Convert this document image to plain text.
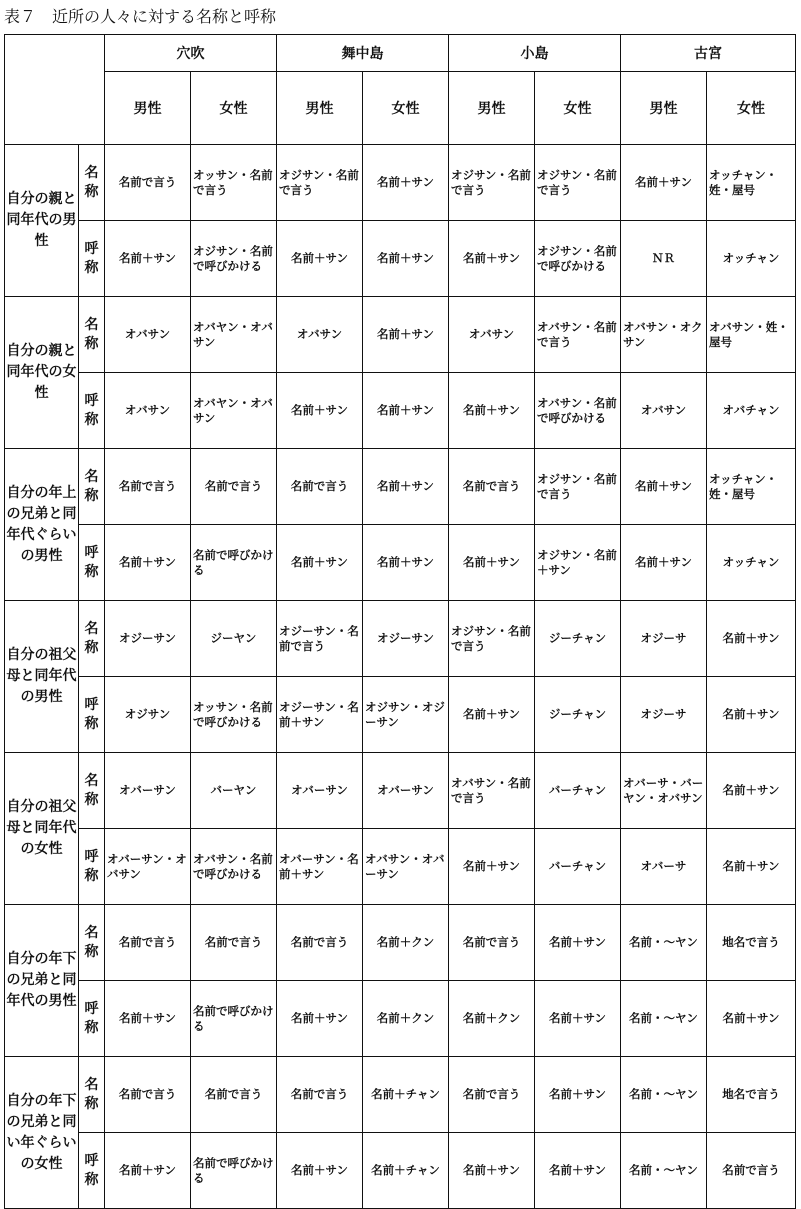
表７　近所の人々に対する名称と呼称
		穴吹		舞中島		小島		古宮	
		男性	女性	男性	女性	男性	女性	男性	女性
自分の親と同年代の男性	名称	名前で言う	オッサン・名前で言う	オジサン・名前で言う	名前＋サン	オジサン・名前で言う	オジサン・名前で言う	名前＋サン	オッチャン・姓・屋号
	呼称	名前＋サン	オジサン・名前で呼びかける	名前＋サン	名前＋サン	名前＋サン	オジサン・名前で呼びかける	ＮＲ	オッチャン
自分の親と同年代の女性	名称	オバサン	オバヤン・オバサン	オバサン	名前＋サン	オバサン	オバサン・名前で言う	オバサン・オクサン	オバサン・姓・屋号
	呼称	オバサン	オバヤン・オバサン	名前＋サン	名前＋サン	名前＋サン	オバサン・名前で呼びかける	オバサン	オバチャン
自分の年上の兄弟と同年代ぐらいの男性	名称	名前で言う	名前で言う	名前で言う	名前＋サン	名前で言う	オジサン・名前で言う	名前＋サン	オッチャン・姓・屋号
	呼称	名前＋サン	名前で呼びかける	名前＋サン	名前＋サン	名前＋サン	オジサン・名前＋サン	名前＋サン	オッチャン
自分の祖父母と同年代の男性	名称	オジーサン	ジーヤン	オジーサン・名前で言う	オジーサン	オジサン・名前で言う	ジーチャン	オジーサ	名前＋サン
	呼称	オジサン	オッサン・名前で呼びかける	オジーサン・名前＋サン	オジサン・オジーサン	名前＋サン	ジーチャン	オジーサ	名前＋サン
自分の祖父母と同年代の女性	名称	オバーサン	バーヤン	オバーサン	オバーサン	オバサン・名前で言う	バーチャン	オバーサ・バーヤン・オバサン	名前＋サン
	呼称	オバーサン・オバサン	オバサン・名前で呼びかける	オバーサン・名前＋サン	オバサン・オバーサン	名前＋サン	バーチャン	オバーサ	名前＋サン
自分の年下の兄弟と同年代の男性	名称	名前で言う	名前で言う	名前で言う	名前＋クン	名前で言う	名前＋サン	名前・〜ヤン	地名で言う
	呼称	名前＋サン	名前で呼びかける	名前＋サン	名前＋クン	名前＋クン	名前＋サン	名前・〜ヤン	名前＋サン
自分の年下の兄弟と同い年ぐらいの女性	名称	名前で言う	名前で言う	名前で言う	名前＋チャン	名前で言う	名前＋サン	名前・〜ヤン	地名で言う
	呼称	名前＋サン	名前で呼びかける	名前＋サン	名前＋チャン	名前＋サン	名前＋サン	名前・〜ヤン	名前で言う
